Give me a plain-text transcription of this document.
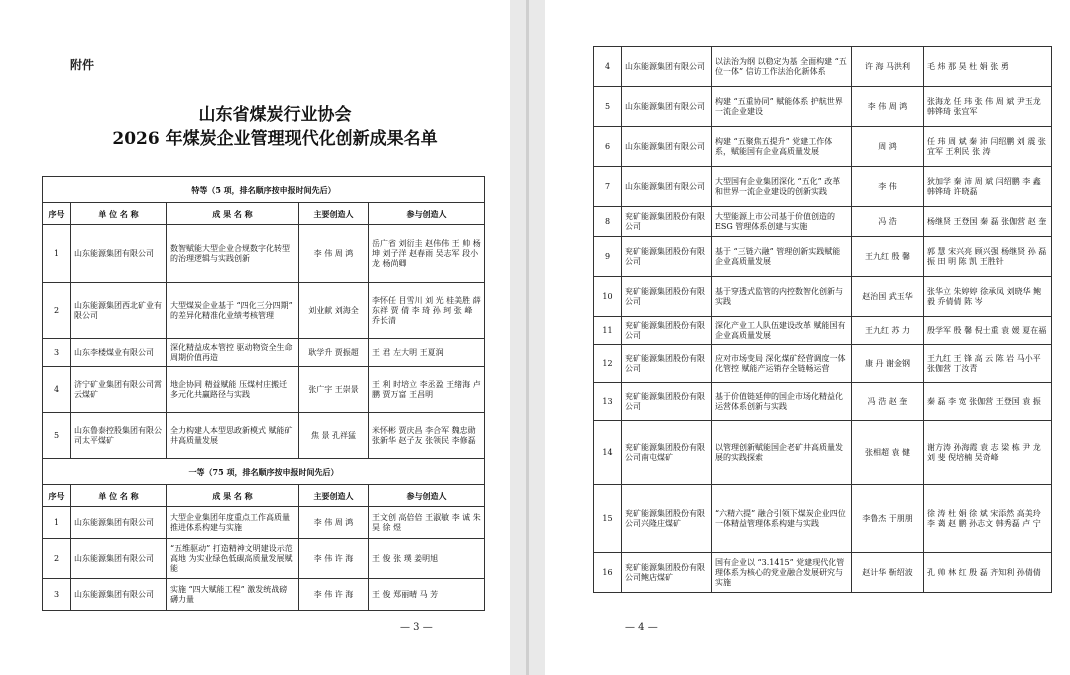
附件
山东省煤炭行业协会
2026 年煤炭企业管理现代化创新成果名单
特等（5 项，排名顺序按申报时间先后）				
序号	单 位 名 称	成 果 名 称	主要创造人	参与创造人
1	山东能源集团有限公司	数智赋能大型企业合规数字化转型的治理逻辑与实践创新	李 伟 周 鸿	岳广省 刘衍圭 赵伟伟 王 帅 杨 坤 刘子洋 赵春雨 吴志军 段小龙 杨尚卿
2	山东能源集团西北矿业有限公司	大型煤炭企业基于 “四化三分四期” 的差异化精准化业绩考核管理	刘业献 刘海全	李怀任 目雪川 刘 光 桂美胜 薛东祥 贾 倩 李 琦 孙 珂 张 峰 乔长清
3	山东李楼煤业有限公司	深化精益成本管控 驱动物资全生命周期价值再造	耿学升 贾振超	王 君 左大明 王夏润
4	济宁矿业集团有限公司霄云煤矿	地企协同 精益赋能 压煤村庄搬迁多元化共赢路径与实践	张广宇 王崇景	王 利 时培立 李丞盈 王绪海 卢 鹏 贾万富 王昌明
5	山东鲁泰控股集团有限公司太平煤矿	全力构建人本型思政新模式 赋能矿井高质量发展	焦 景 孔祥猛	米怀彬 贾庆昌 李合军 魏忠勋 张新华 赵子友 张领民 李修磊
一等（75 项，排名顺序按申报时间先后）				
序号	单 位 名 称	成 果 名 称	主要创造人	参与创造人
1	山东能源集团有限公司	大型企业集团年度重点工作高质量推进体系构建与实施	李 伟 周 鸿	王文创 高倍倍 王淑敏 李 诚 朱 昊 徐 煜
2	山东能源集团有限公司	“五维驱动” 打造精神文明建设示范高地 为实业绿色低碳高质量发展赋能	李 伟 许 海	王 俊 张 璞 姜明旭
3	山东能源集团有限公司	实施 “四大赋能工程” 激发统战磅礴力量	李 伟 许 海	王 俊 郑丽晴 马 芳
— 3 —
4	山东能源集团有限公司	以法治为纲 以稳定为基 全面构建 “五位一体” 信访工作法治化新体系	许 海 马洪利	毛 炜 那 昊 杜 娟 张 勇
5	山东能源集团有限公司	构建 “五重协同” 赋能体系 护航世界一流企业建设	李 伟 周 鸿	张海龙 任 玮 张 伟 周 斌 尹玉龙 韩铧琦 张宜军
6	山东能源集团有限公司	构建 “五聚焦五提升” 党建工作体系，赋能国有企业高质量发展	周 鸿	任 玮 周 斌 秦 沛 闫绍鹏 刘 震 张宜军 王利民 张 涛
7	山东能源集团有限公司	大型国有企业集团深化 “五化” 改革和世界一流企业建设的创新实践	李 伟	狄加学 秦 沛 周 斌 闫绍鹏 李 鑫 韩铧琦 许晓磊
8	兖矿能源集团股份有限公司	大型能源上市公司基于价值创造的 ESG 管理体系创建与实施	冯 浩	杨继贤 王登国 秦 磊 张伽营 赵 奎
9	兖矿能源集团股份有限公司	基于 “三链六融” 管理创新实践赋能企业高质量发展	王九红 殷 馨	郭 慧 宋兴亮 顾兴强 杨继贤 孙 磊 振 田 明 陈 凯 王胜针
10	兖矿能源集团股份有限公司	基于穿透式监管的内控数智化创新与实践	赵治国 武玉华	张华立 朱婷婷 徐承凤 刘晓华 鲍 毅 乔倩倩 陈 岑
11	兖矿能源集团股份有限公司	深化产业工人队伍建设改革 赋能国有企业高质量发展	王九红 苏 力	殷学军 殷 馨 倪士重 袁 媛 夏在福
12	兖矿能源集团股份有限公司	应对市场变局 深化煤矿经营调度一体化管控 赋能产运销存全链畅运营	康 丹 谢金钢	王九红 王 锋 高 云 陈 岩 马小平 张伽营 丁汝青
13	兖矿能源集团股份有限公司	基于价值链延伸的国企市场化精益化运营体系创新与实践	冯 浩 赵 奎	秦 磊 李 宽 张伽营 王登国 袁 振
14	兖矿能源集团股份有限公司南屯煤矿	以管理创新赋能国企老矿井高质量发展的实践探索	张相超 袁 健	谢方涛 孙海霞 袁 志 梁 栋 尹 龙 刘 斐 倪培楠 吴奇峰
15	兖矿能源集团股份有限公司兴隆庄煤矿	“六精六提” 融合引领下煤炭企业四位一体精益管理体系构建与实践	李鲁杰 于朋朋	徐 涛 杜 娟 徐 斌 宋添然 高美玲 李 蔼 赵 鹏 孙志文 韩秀磊 卢 宁
16	兖矿能源集团股份有限公司鲍店煤矿	国有企业以 “3.1415” 党建现代化管理体系为核心的党业融合发展研究与实施	赵计华 靳绍波	孔 帅 林 红 殷 磊 齐知利 孙倩倩
— 4 —
